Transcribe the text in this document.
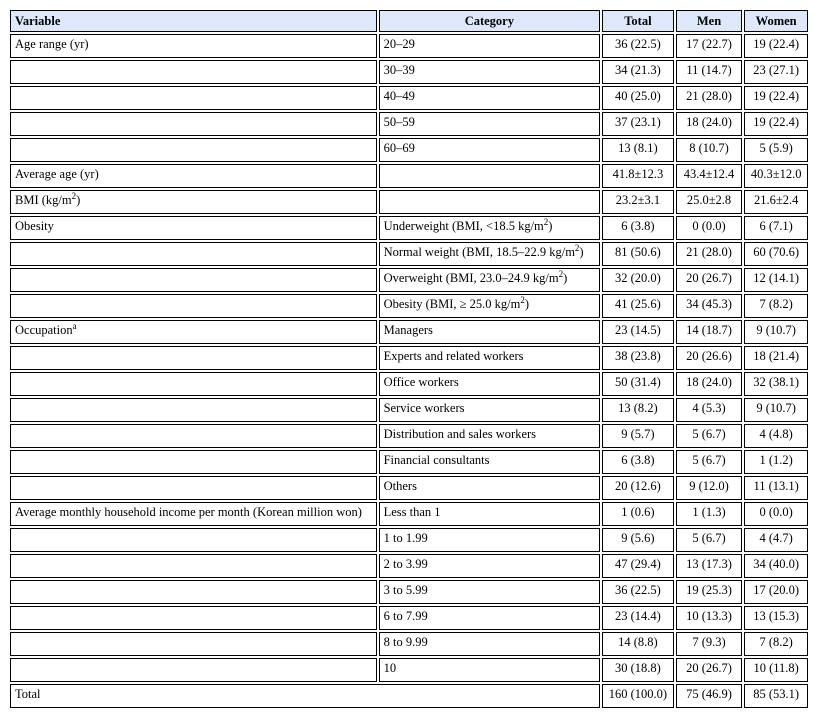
Variable	Category	Total	Men	Women
Age range (yr)	20–29	36 (22.5)	17 (22.7)	19 (22.4)
	30–39	34 (21.3)	11 (14.7)	23 (27.1)
	40–49	40 (25.0)	21 (28.0)	19 (22.4)
	50–59	37 (23.1)	18 (24.0)	19 (22.4)
	60–69	13 (8.1)	8 (10.7)	5 (5.9)
Average age (yr)		41.8±12.3	43.4±12.4	40.3±12.0
BMI $(kg/m^2)$		23.2±3.1	25.0±2.8	21.6±2.4
Obesity	Underweight (BMI, <18.5 $kg/m^2$)	6 (3.8)	0 (0.0)	6 (7.1)
	Normal weight (BMI, 18.5–22.9 $kg/m^2$)	81 (50.6)	21 (28.0)	60 (70.6)
	Overweight (BMI, 23.0–24.9 $kg/m^2$)	32 (20.0)	20 (26.7)	12 (14.1)
	Obesity (BMI, ≥ 25.0 $kg/m^2$)	41 (25.6)	34 (45.3)	7 (8.2)
Occupation$^a$	Managers	23 (14.5)	14 (18.7)	9 (10.7)
	Experts and related workers	38 (23.8)	20 (26.6)	18 (21.4)
	Office workers	50 (31.4)	18 (24.0)	32 (38.1)
	Service workers	13 (8.2)	4 (5.3)	9 (10.7)
	Distribution and sales workers	9 (5.7)	5 (6.7)	4 (4.8)
	Financial consultants	6 (3.8)	5 (6.7)	1 (1.2)
	Others	20 (12.6)	9 (12.0)	11 (13.1)
Average monthly household income per month (Korean million won)	Less than 1	1 (0.6)	1 (1.3)	0 (0.0)
	1 to 1.99	9 (5.6)	5 (6.7)	4 (4.7)
	2 to 3.99	47 (29.4)	13 (17.3)	34 (40.0)
	3 to 5.99	36 (22.5)	19 (25.3)	17 (20.0)
	6 to 7.99	23 (14.4)	10 (13.3)	13 (15.3)
	8 to 9.99	14 (8.8)	7 (9.3)	7 (8.2)
	10	30 (18.8)	20 (26.7)	10 (11.8)
Total		160 (100.0)	75 (46.9)	85 (53.1)
